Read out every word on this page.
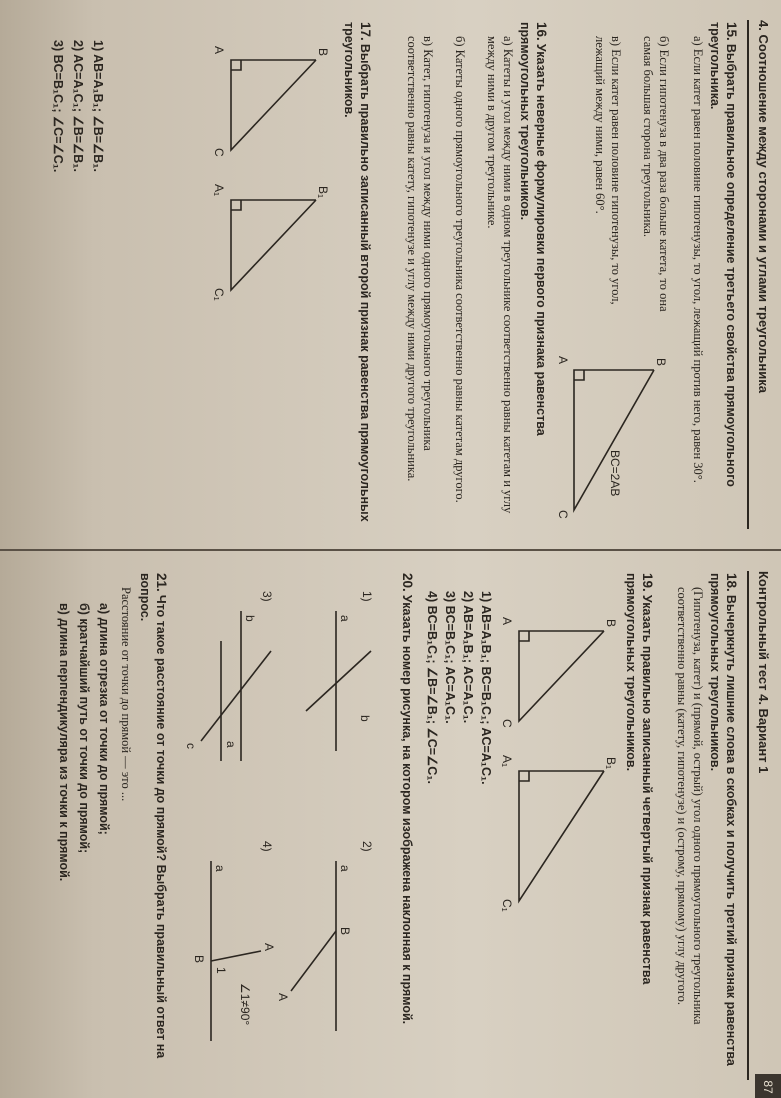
4. Соотношение между сторонами и углами треугольника
15. Выбрать правильное определение третьего свойства прямоугольного треугольника.
а) Если катет равен половине гипотенузы, то угол, лежащий против него, равен 30°.
б) Если гипотенуза в два раза больше катета, то она самая большая сторона треугольника.
в) Если катет равен половине гипотенузы, то угол, лежащий между ними, равен 60°.
B
A
C
BC=2AB
16. Указать неверные формулировки первого признака равенства прямоугольных треугольников.
а) Катеты и угол между ними в одном треугольнике соответственно равны катетам и углу между ними в другом треугольнике.
б) Катеты одного прямоугольного треугольника соответственно равны катетам другого.
в) Катет, гипотенуза и угол между ними одного прямоугольного треугольника соответственно равны катету, гипотенузе и углу между ними другого треугольника.
17. Выбрать правильно записанный второй признак равенства прямоугольных треугольников.
B
A
C
B₁
A₁
C₁
1) AB=A₁B₁; ∠B=∠B₁.
2) AC=A₁C₁; ∠B=∠B₁.
3) BC=B₁C₁; ∠C=∠C₁.
Контрольный тест 4. Вариант 1
87
18. Вычеркнуть лишние слова в скобках и получить третий признак равенства прямоугольных треугольников.
(Гипотенуза, катет) и (прямой, острый) угол одного прямоугольного треугольника соответственно равны (катету, гипотенузе) и (острому, прямому) углу другого.
19. Указать правильно записанный четвертый признак равенства прямоугольных треугольников.
B
A
C
B₁
A₁
C₁
1) AB=A₁B₁; BC=B₁C₁; AC=A₁C₁.
2) AB=A₁B₁; AC=A₁C₁.
3) BC=B₁C₁; AC=A₁C₁.
4) BC=B₁C₁; ∠B=∠B₁; ∠C=∠C₁.
20. Указать номер рисунка, на котором изображена наклонная к прямой.
1)
a
b
2)
a
B
A
3)
b
a
c
4)
a
A
B
1
∠1≠90°
21. Что такое расстояние от точки до прямой? Выбрать правильный ответ на вопрос.
Расстояние от точки до прямой — это ...
а) длина отрезка от точки до прямой;
б) кратчайший путь от точки до прямой;
в) длина перпендикуляра из точки к прямой.
